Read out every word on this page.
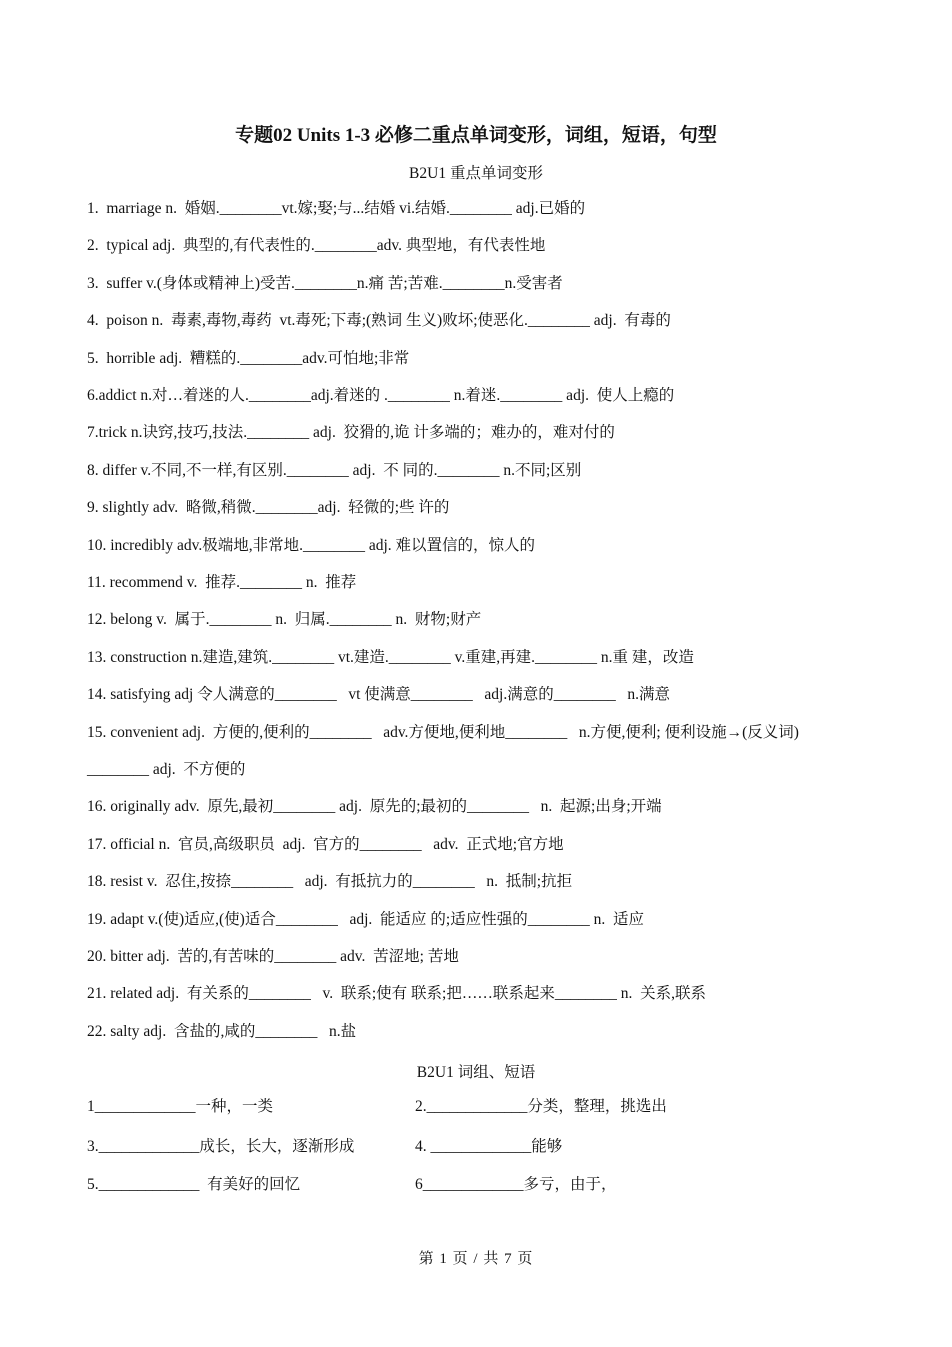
专题02 Units 1-3 必修二重点单词变形，词组，短语，句型
B2U1 重点单词变形
1.  marriage n.  婚姻.________vt.嫁;娶;与...结婚 vi.结婚.________ adj.已婚的
2.  typical adj.  典型的,有代表性的.________adv. 典型地，有代表性地
3.  suffer v.(身体或精神上)受苦.________n.痛 苦;苦难.________n.受害者
4.  poison n.  毒素,毒物,毒药  vt.毒死;下毒;(熟词 生义)败坏;使恶化.________ adj.  有毒的
5.  horrible adj.  糟糕的.________adv.可怕地;非常
6.addict n.对…着迷的人.________adj.着迷的 .________ n.着迷.________ adj.  使人上瘾的
7.trick n.诀窍,技巧,技法.________ adj.  狡猾的,诡 计多端的；难办的，难对付的
8. differ v.不同,不一样,有区别.________ adj.  不 同的.________ n.不同;区别
9. slightly adv.  略微,稍微.________adj.  轻微的;些 许的
10. incredibly adv.极端地,非常地.________ adj. 难以置信的，惊人的
11. recommend v.  推荐.________ n.  推荐
12. belong v.  属于.________ n.  归属.________ n.  财物;财产
13. construction n.建造,建筑.________ vt.建造.________ v.重建,再建.________ n.重 建，改造
14. satisfying adj 令人满意的________   vt 使满意________   adj.满意的________   n.满意
15. convenient adj.  方便的,便利的________   adv.方便地,便利地________   n.方便,便利; 便利设施→(反义词)
________ adj.  不方便的
16. originally adv.  原先,最初________ adj.  原先的;最初的________   n.  起源;出身;开端
17. official n.  官员,高级职员  adj.  官方的________   adv.  正式地;官方地
18. resist v.  忍住,按捺________   adj.  有抵抗力的________   n.  抵制;抗拒
19. adapt v.(使)适应,(使)适合________   adj.  能适应 的;适应性强的________ n.  适应
20. bitter adj.  苦的,有苦味的________ adv.  苦涩地; 苦地
21. related adj.  有关系的________   v.  联系;使有 联系;把……联系起来________ n.  关系,联系
22. salty adj.  含盐的,咸的________   n.盐
B2U1 词组、短语
1_____________一种，一类	2._____________分类，整理，挑选出
3._____________成长，长大，逐渐形成	4. _____________能够
5._____________  有美好的回忆	6_____________多亏，由于，
第 1 页 / 共 7 页
